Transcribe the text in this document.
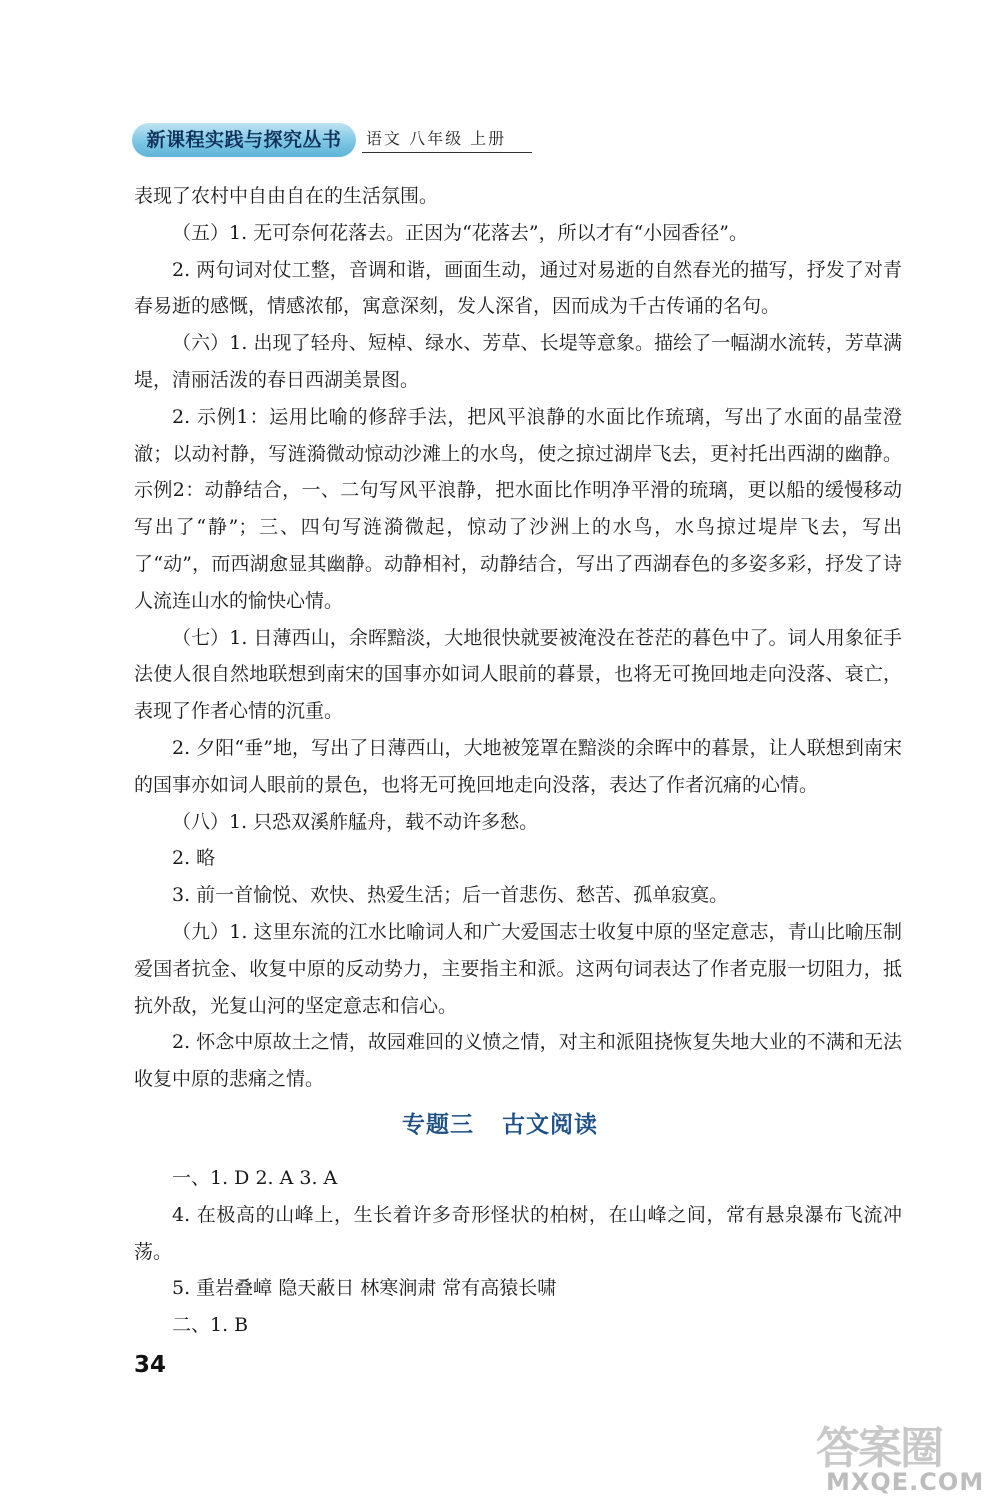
新课程实践与探究丛书	语文 八年级 上册

表现了农村中自由自在的生活氛围。

（五）1. 无可奈何花落去。正因为“花落去”，所以才有“小园香径”。

2. 两句词对仗工整，音调和谐，画面生动，通过对易逝的自然春光的描写，抒发了对青春易逝的感慨，情感浓郁，寓意深刻，发人深省，因而成为千古传诵的名句。

（六）1. 出现了轻舟、短棹、绿水、芳草、长堤等意象。描绘了一幅湖水流转，芳草满堤，清丽活泼的春日西湖美景图。

2. 示例1：运用比喻的修辞手法，把风平浪静的水面比作琉璃，写出了水面的晶莹澄澈；以动衬静，写涟漪微动惊动沙滩上的水鸟，使之掠过湖岸飞去，更衬托出西湖的幽静。 示例2：动静结合，一、二句写风平浪静，把水面比作明净平滑的琉璃，更以船的缓慢移动写出了“静”；三、四句写涟漪微起，惊动了沙洲上的水鸟，水鸟掠过堤岸飞去，写出了“动”，而西湖愈显其幽静。动静相衬，动静结合，写出了西湖春色的多姿多彩，抒发了诗人流连山水的愉快心情。

（七）1. 日薄西山，余晖黯淡，大地很快就要被淹没在苍茫的暮色中了。词人用象征手法使人很自然地联想到南宋的国事亦如词人眼前的暮景，也将无可挽回地走向没落、衰亡，表现了作者心情的沉重。

2. 夕阳“垂”地，写出了日薄西山，大地被笼罩在黯淡的余晖中的暮景，让人联想到南宋的国事亦如词人眼前的景色，也将无可挽回地走向没落，表达了作者沉痛的心情。

（八）1. 只恐双溪舴艋舟，载不动许多愁。

2. 略

3. 前一首愉悦、欢快、热爱生活；后一首悲伤、愁苦、孤单寂寞。

（九）1. 这里东流的江水比喻词人和广大爱国志士收复中原的坚定意志，青山比喻压制爱国者抗金、收复中原的反动势力，主要指主和派。这两句词表达了作者克服一切阻力，抵抗外敌，光复山河的坚定意志和信心。

2. 怀念中原故土之情，故园难回的义愤之情，对主和派阻挠恢复失地大业的不满和无法收复中原的悲痛之情。

专题三 古文阅读

一、1. D 2. A 3. A

4. 在极高的山峰上，生长着许多奇形怪状的柏树，在山峰之间，常有悬泉瀑布飞流冲荡。

5. 重岩叠嶂 隐天蔽日 林寒涧肃 常有高猿长啸

二、1. B

34
答案圈
MXQE.COM
